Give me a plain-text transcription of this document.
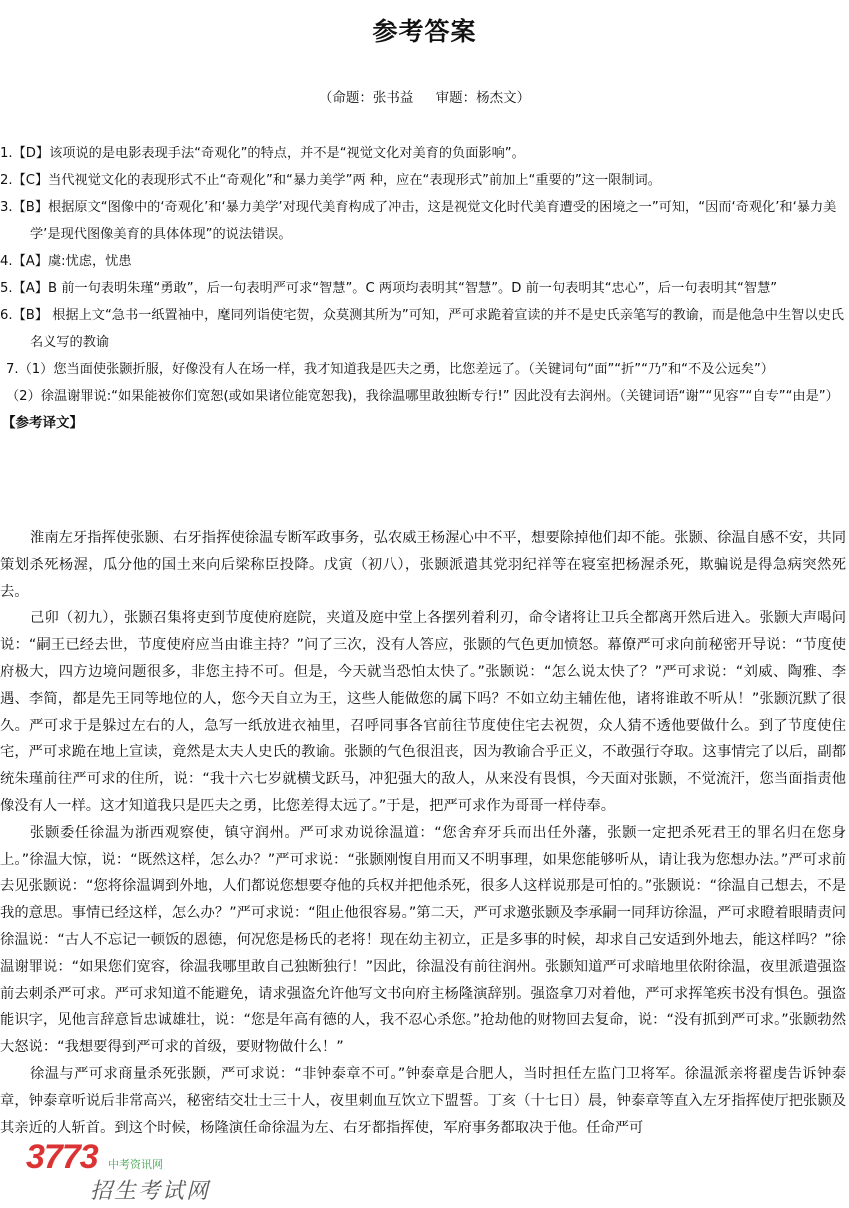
参考答案
（命题：张书益 审题：杨杰文）

1.【D】该项说的是电影表现手法“奇观化”的特点，并不是“视觉文化对美育的负面影响”。

2.【C】当代视觉文化的表现形式不止“奇观化”和“暴力美学”两 种，应在“表现形式”前加上“重要的”这一限制词。

3.【B】根据原文“图像中的‘奇观化’和‘暴力美学’对现代美育构成了冲击，这是视觉文化时代美育遭受的困境之一”可知，“因而‘奇观化’和‘暴力美学’是现代图像美育的具体体现”的说法错误。

4.【A】虞:忧虑，忧患

5.【A】B 前一句表明朱瑾“勇敢”，后一句表明严可求“智慧”。C 两项均表明其“智慧”。D 前一句表明其“忠心”，后一句表明其“智慧”

6.【B】 根据上文“急书一纸置袖中，麾同列诣使宅贺，众莫测其所为”可知，严可求跪着宣读的并不是史氏亲笔写的教谕，而是他急中生智以史氏名义写的教谕

7.（1）您当面使张颢折服，好像没有人在场一样，我才知道我是匹夫之勇，比您差远了。（关键词句“面”“折”“乃”和“不及公远矣”）

（2）徐温谢罪说:“如果能被你们宽恕(或如果诸位能宽恕我)，我徐温哪里敢独断专行!” 因此没有去润州。（关键词语“谢”“见容”“自专”“由是”）

【参考译文】

淮南左牙指挥使张颢、右牙指挥使徐温专断军政事务，弘农威王杨渥心中不平，想要除掉他们却不能。张颢、徐温自感不安，共同策划杀死杨渥，瓜分他的国土来向后梁称臣投降。戊寅（初八），张颢派遣其党羽纪祥等在寝室把杨渥杀死，欺骗说是得急病突然死去。

己卯（初九），张颢召集将吏到节度使府庭院，夹道及庭中堂上各摆列着利刃，命令诸将让卫兵全都离开然后进入。张颢大声喝问说：“嗣王已经去世，节度使府应当由谁主持？”问了三次，没有人答应，张颢的气色更加愤怒。幕僚严可求向前秘密开导说：“节度使府极大，四方边境问题很多，非您主持不可。但是，今天就当恐怕太快了。”张颢说：“怎么说太快了？”严可求说：“刘威、陶雅、李遇、李简，都是先王同等地位的人，您今天自立为王，这些人能做您的属下吗？不如立幼主辅佐他，诸将谁敢不听从！”张颢沉默了很久。严可求于是躲过左右的人，急写一纸放进衣袖里，召呼同事各官前往节度使住宅去祝贺，众人猜不透他要做什么。到了节度使住宅，严可求跪在地上宣读，竟然是太夫人史氏的教谕。张颢的气色很沮丧，因为教谕合乎正义，不敢强行夺取。这事情完了以后，副都统朱瑾前往严可求的住所，说：“我十六七岁就横戈跃马，冲犯强大的敌人，从来没有畏惧，今天面对张颢，不觉流汗，您当面指责他像没有人一样。这才知道我只是匹夫之勇，比您差得太远了。”于是，把严可求作为哥哥一样侍奉。

张颢委任徐温为浙西观察使，镇守润州。严可求劝说徐温道：“您舍弃牙兵而出任外藩，张颢一定把杀死君王的罪名归在您身上。”徐温大惊，说：“既然这样，怎么办？”严可求说：“张颢刚愎自用而又不明事理，如果您能够听从，请让我为您想办法。”严可求前去见张颢说：“您将徐温调到外地，人们都说您想要夺他的兵权并把他杀死，很多人这样说那是可怕的。”张颢说：“徐温自己想去，不是我的意思。事情已经这样，怎么办？”严可求说：“阻止他很容易。”第二天，严可求邀张颢及李承嗣一同拜访徐温，严可求瞪着眼睛责问徐温说：“古人不忘记一顿饭的恩德，何况您是杨氏的老将！现在幼主初立，正是多事的时候，却求自己安适到外地去，能这样吗？”徐温谢罪说：“如果您们宽容，徐温我哪里敢自己独断独行！”因此，徐温没有前往润州。张颢知道严可求暗地里依附徐温，夜里派遣强盗前去刺杀严可求。严可求知道不能避免，请求强盗允许他写文书向府主杨隆演辞别。强盗拿刀对着他，严可求挥笔疾书没有惧色。强盗能识字，见他言辞意旨忠诚雄壮，说：“您是年高有德的人，我不忍心杀您。”抢劫他的财物回去复命，说：“没有抓到严可求。”张颢勃然大怒说：“我想要得到严可求的首级，要财物做什么！”

徐温与严可求商量杀死张颢，严可求说：“非钟泰章不可。”钟泰章是合肥人，当时担任左监门卫将军。徐温派亲将翟虔告诉钟泰章，钟泰章听说后非常高兴，秘密结交壮士三十人，夜里刺血互饮立下盟誓。丁亥（十七日）晨，钟泰章等直入左牙指挥使厅把张颢及其亲近的人斩首。到这个时候，杨隆演任命徐温为左、右牙都指挥使，军府事务都取决于他。任命严可

3773 中考资讯网
招生考试网
